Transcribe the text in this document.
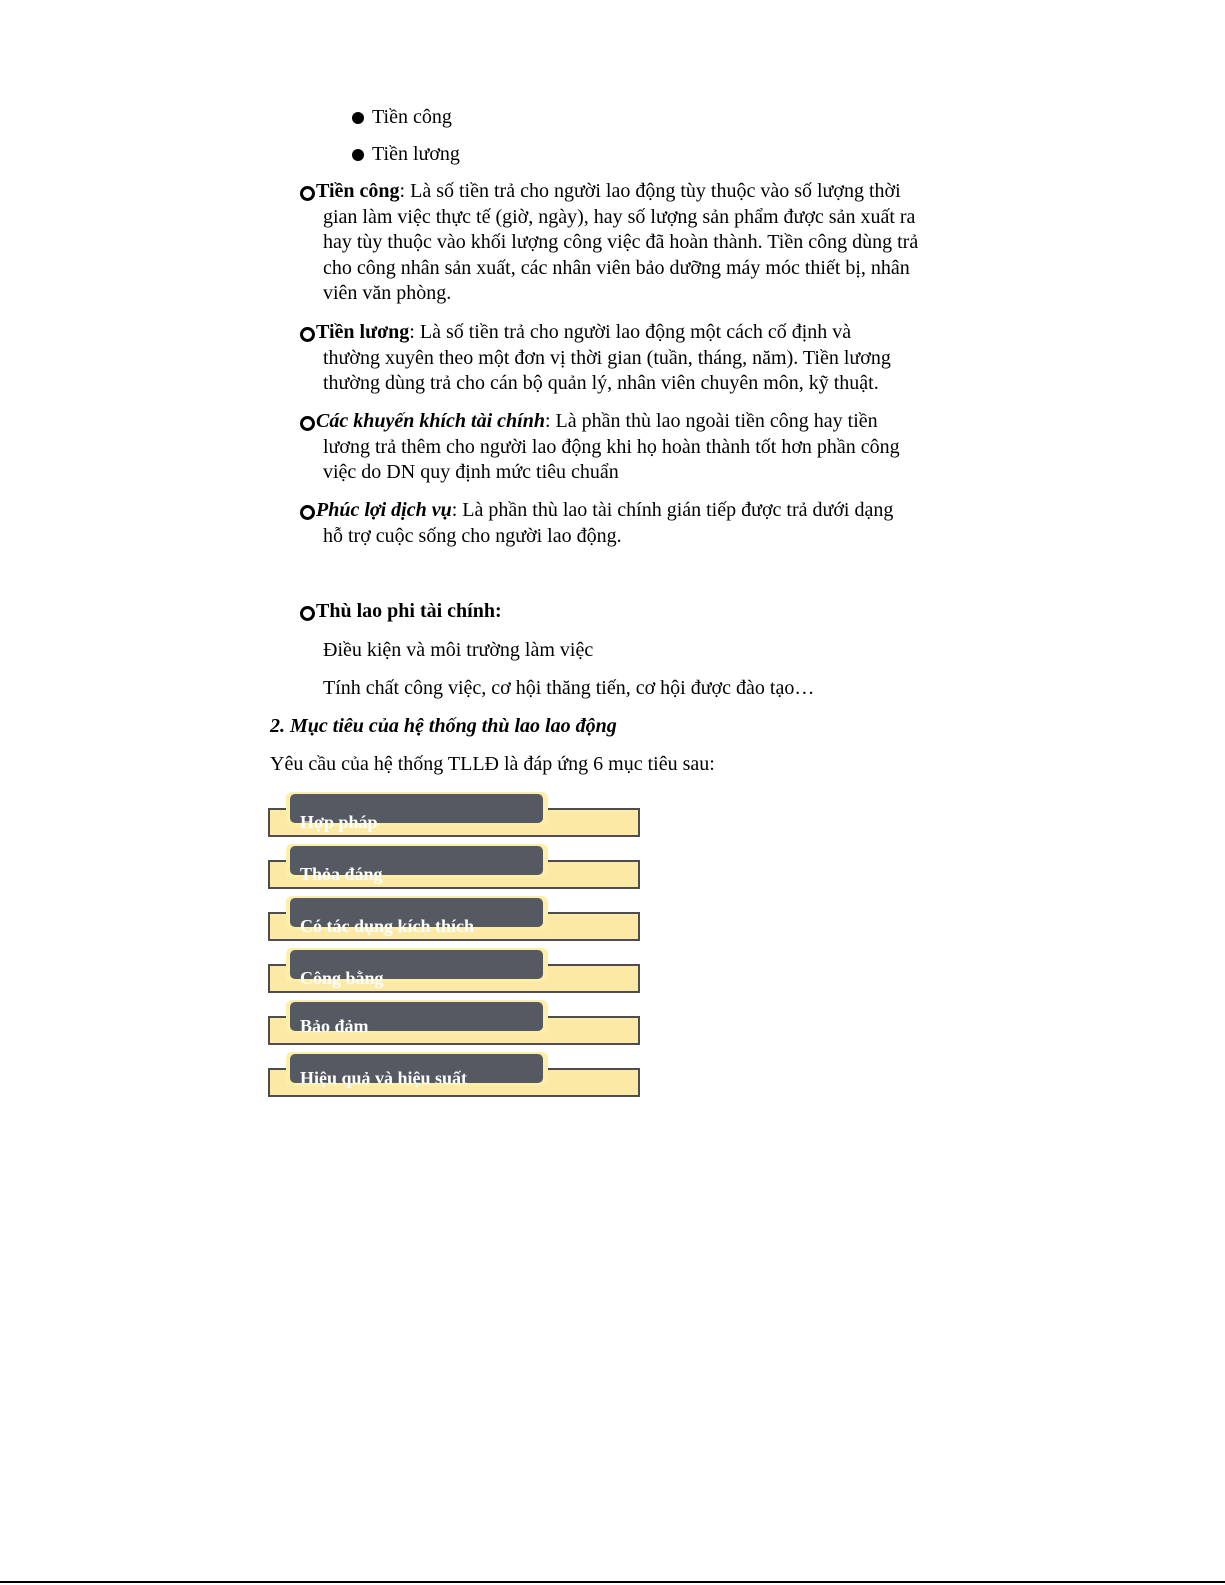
Tiền công
Tiền lương
Tiền công: Là số tiền trả cho người lao động tùy thuộc vào số lượng thời
gian làm việc thực tế (giờ, ngày), hay số lượng sản phẩm được sản xuất ra
hay tùy thuộc vào khối lượng công việc đã hoàn thành. Tiền công dùng trả
cho công nhân sản xuất, các nhân viên bảo dưỡng máy móc thiết bị, nhân
viên văn phòng.
Tiền lương: Là số tiền trả cho người lao động một cách cố định và
thường xuyên theo một đơn vị thời gian (tuần, tháng, năm). Tiền lương
thường dùng trả cho cán bộ quản lý, nhân viên chuyên môn, kỹ thuật.
Các khuyến khích tài chính: Là phần thù lao ngoài tiền công hay tiền
lương trả thêm cho người lao động khi họ hoàn thành tốt hơn phần công
việc do DN quy định mức tiêu chuẩn
Phúc lợi dịch vụ: Là phần thù lao tài chính gián tiếp được trả dưới dạng
hỗ trợ cuộc sống cho người lao động.

Thù lao phi tài chính:

Điều kiện và môi trường làm việc

Tính chất công việc, cơ hội thăng tiến, cơ hội được đào tạo…

2. Mục tiêu của hệ thống thù lao lao động

Yêu cầu của hệ thống TLLĐ là đáp ứng 6 mục tiêu sau:

Hợp pháp
Thỏa đáng
Có tác dụng kích thích
Công bằng
Bảo đảm
Hiệu quả và hiệu suất
